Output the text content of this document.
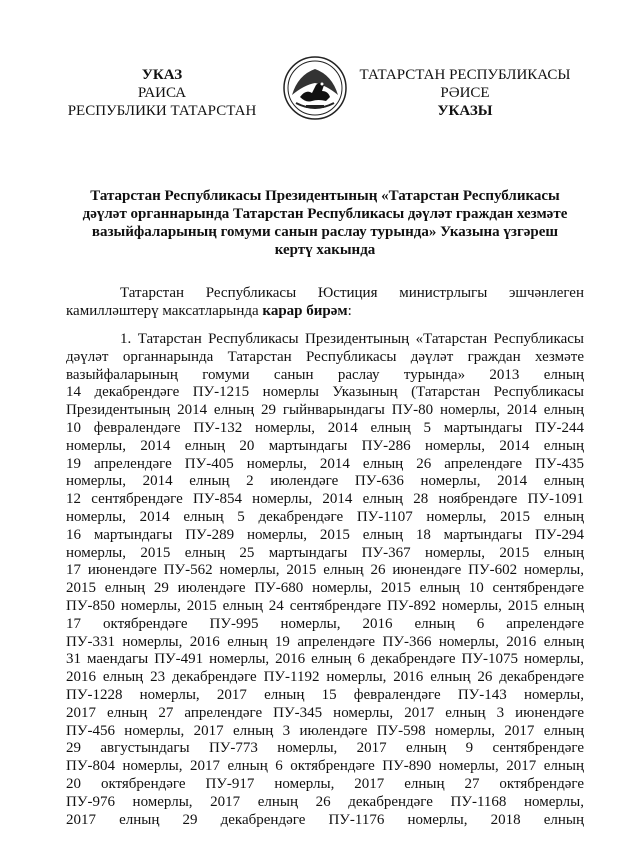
УКАЗ
РАИСА
РЕСПУБЛИКИ ТАТАРСТАН
ТАТАРСТАН РЕСПУБЛИКАСЫ
РӘИСЕ
УКАЗЫ
Татарстан Республикасы Президентының «Татарстан Республикасы
дәүләт органнарында Татарстан Республикасы дәүләт граждан хезмәте
вазыйфаларының гомуми санын раслау турында» Указына үзгәреш
кертү хакында
Татарстан Республикасы Юстиция министрлыгы эшчәнлеген
камилләштерү максатларында карар бирәм:
1. Татарстан Республикасы Президентының «Татарстан Республикасы
дәүләт органнарында Татарстан Республикасы дәүләт граждан хезмәте
вазыйфаларының гомуми санын раслау турында» 2013 елның
14 декабрендәге ПУ-1215 номерлы Указының (Татарстан Республикасы
Президентының 2014 елның 29 гыйнварындагы ПУ-80 номерлы, 2014 елның
10 февралендәге ПУ-132 номерлы, 2014 елның 5 мартындагы ПУ-244
номерлы, 2014 елның 20 мартындагы ПУ-286 номерлы, 2014 елның
19 апрелендәге ПУ-405 номерлы, 2014 елның 26 апрелендәге ПУ-435
номерлы, 2014 елның 2 июлендәге ПУ-636 номерлы, 2014 елның
12 сентябрендәге ПУ-854 номерлы, 2014 елның 28 ноябрендәге ПУ-1091
номерлы, 2014 елның 5 декабрендәге ПУ-1107 номерлы, 2015 елның
16 мартындагы ПУ-289 номерлы, 2015 елның 18 мартындагы ПУ-294
номерлы, 2015 елның 25 мартындагы ПУ-367 номерлы, 2015 елның
17 июнендәге ПУ-562 номерлы, 2015 елның 26 июнендәге ПУ-602 номерлы,
2015 елның 29 июлендәге ПУ-680 номерлы, 2015 елның 10 сентябрендәге
ПУ-850 номерлы, 2015 елның 24 сентябрендәге ПУ-892 номерлы, 2015 елның
17 октябрендәге ПУ-995 номерлы, 2016 елның 6 апрелендәге
ПУ-331 номерлы, 2016 елның 19 апрелендәге ПУ-366 номерлы, 2016 елның
31 маендагы ПУ-491 номерлы, 2016 елның 6 декабрендәге ПУ-1075 номерлы,
2016 елның 23 декабрендәге ПУ-1192 номерлы, 2016 елның 26 декабрендәге
ПУ-1228 номерлы, 2017 елның 15 февралендәге ПУ-143 номерлы,
2017 елның 27 апрелендәге ПУ-345 номерлы, 2017 елның 3 июнендәге
ПУ-456 номерлы, 2017 елның 3 июлендәге ПУ-598 номерлы, 2017 елның
29 августындагы ПУ-773 номерлы, 2017 елның 9 сентябрендәге
ПУ-804 номерлы, 2017 елның 6 октябрендәге ПУ-890 номерлы, 2017 елның
20 октябрендәге ПУ-917 номерлы, 2017 елның 27 октябрендәге
ПУ-976 номерлы, 2017 елның 26 декабрендәге ПУ-1168 номерлы,
2017 елның 29 декабрендәге ПУ-1176 номерлы, 2018 елның
